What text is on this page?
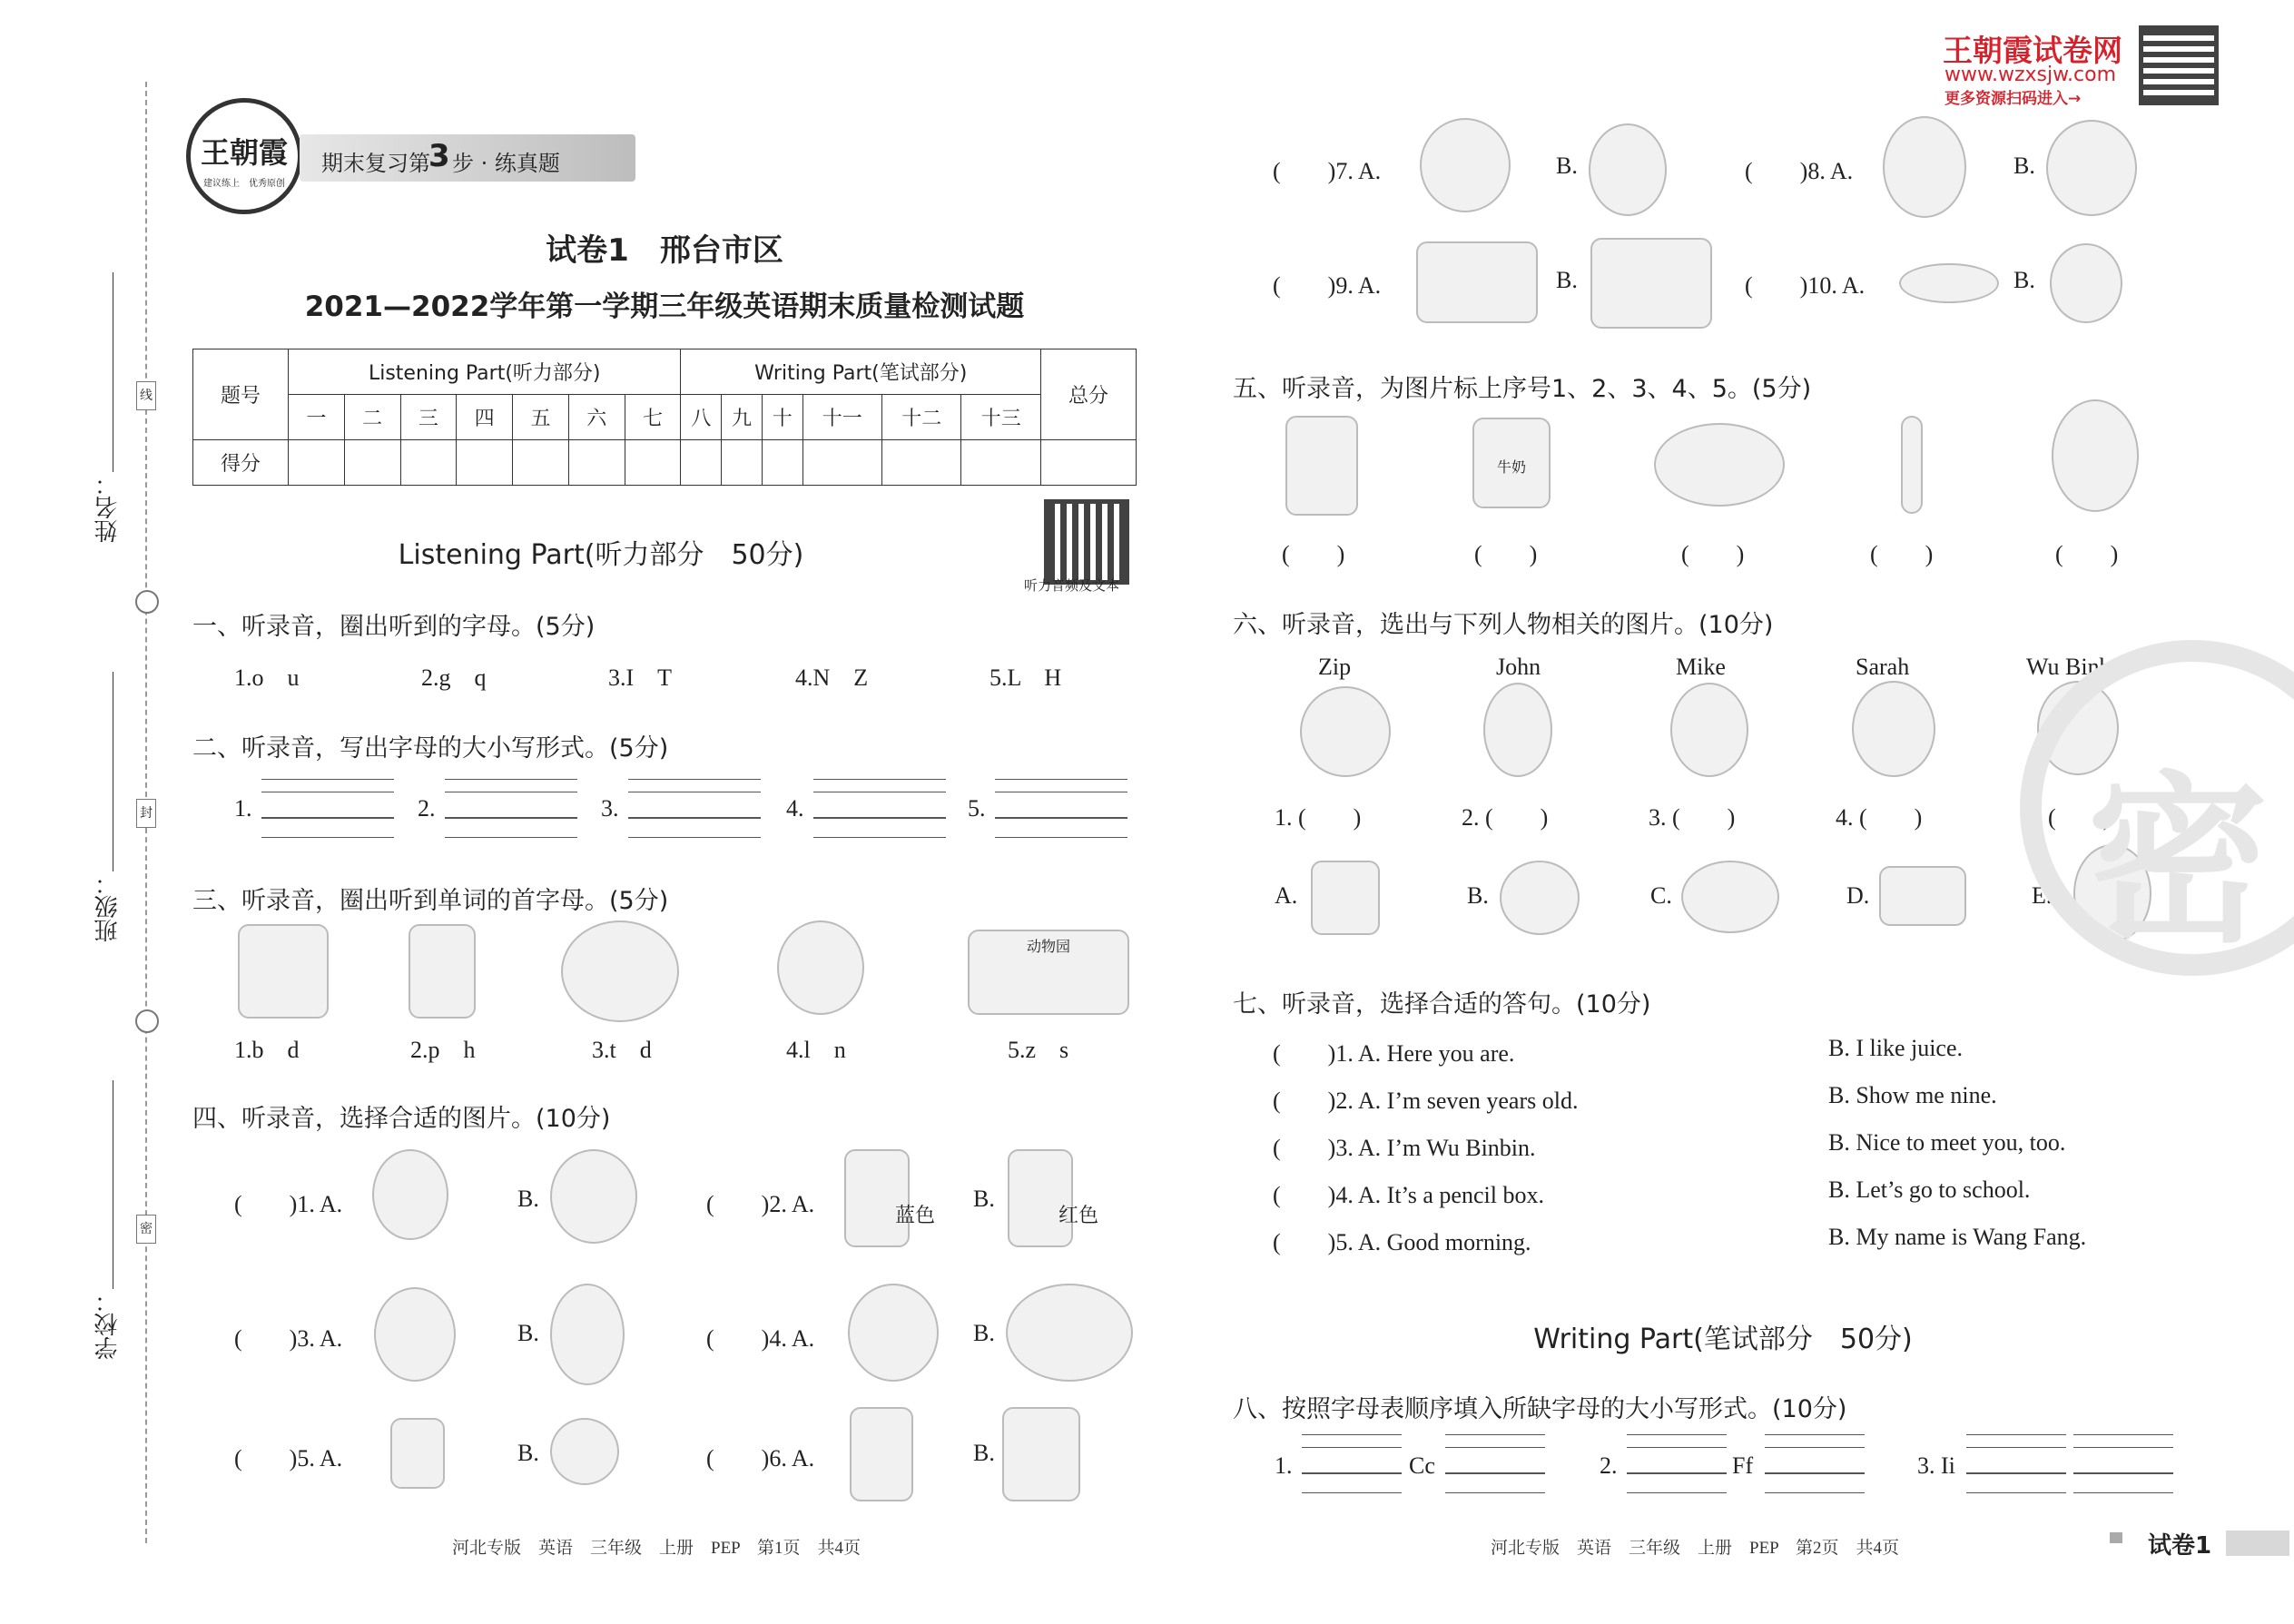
线
封
密
姓名：
班级：
学校：
王朝霞
建议练上　优秀原创
期末复习第
3 步 · 练真题
试卷1　邢台市区
2021—2022学年第一学期三年级英语期末质量检测试题
题号	Listening Part(听力部分)							Writing Part(笔试部分)						总分
	一	二	三	四	五	六	七	八	九	十	十一	十二	十三	
得分														
Listening Part(听力部分　50分)
听力音频及文本
一、听录音，圈出听到的字母。(5分)
1.o　u	2.g　q	3.I　T	4.N　Z	5.L　H
二、听录音，写出字母的大小写形式。(5分)
1.	2.	3.	4.	5.
三、听录音，圈出听到单词的首字母。(5分)
动物园
1.b　d	2.p　h	3.t　d	4.l　n	5.z　s
四、听录音，选择合适的图片。(10分)
(　　)1. A.	B.	(　　)2. A.	蓝色
B.
红色
(　　)3. A.	B.	(　　)4. A.	B.
(　　)5. A.	B.	(　　)6. A.	B.
河北专版　英语　三年级　上册　PEP　第1页　共4页
王朝霞试卷网
www.wzxsjw.com
更多资源扫码进入→
(　　)7. A.	B.	(　　)8. A.	B.
(　　)9. A.	B.	(　　)10. A.	B.
五、听录音，为图片标上序号1、2、3、4、5。(5分)
牛奶
(　　)	(　　)	(　　)	(　　)	(　　)
六、听录音，选出与下列人物相关的图片。(10分)
Zip	John	Mike	Sarah	Wu Binbin
1. (　　)	2. (　　)	3. (　　)	4. (　　)	5. (　　)
A.	B.	C.	D.	E. 密
七、听录音，选择合适的答句。(10分)
(　　)1. A. Here you are.	B. I like juice.
(　　)2. A. I’m seven years old.	B. Show me nine.
(　　)3. A. I’m Wu Binbin.	B. Nice to meet you, too.
(　　)4. A. It’s a pencil box.	B. Let’s go to school.
(　　)5. A. Good morning.	B. My name is Wang Fang.
Writing Part(笔试部分　50分)
八、按照字母表顺序填入所缺字母的大小写形式。(10分)
1.	Cc	2.	Ff	3. Ii
河北专版　英语　三年级　上册　PEP　第2页　共4页	试卷1
